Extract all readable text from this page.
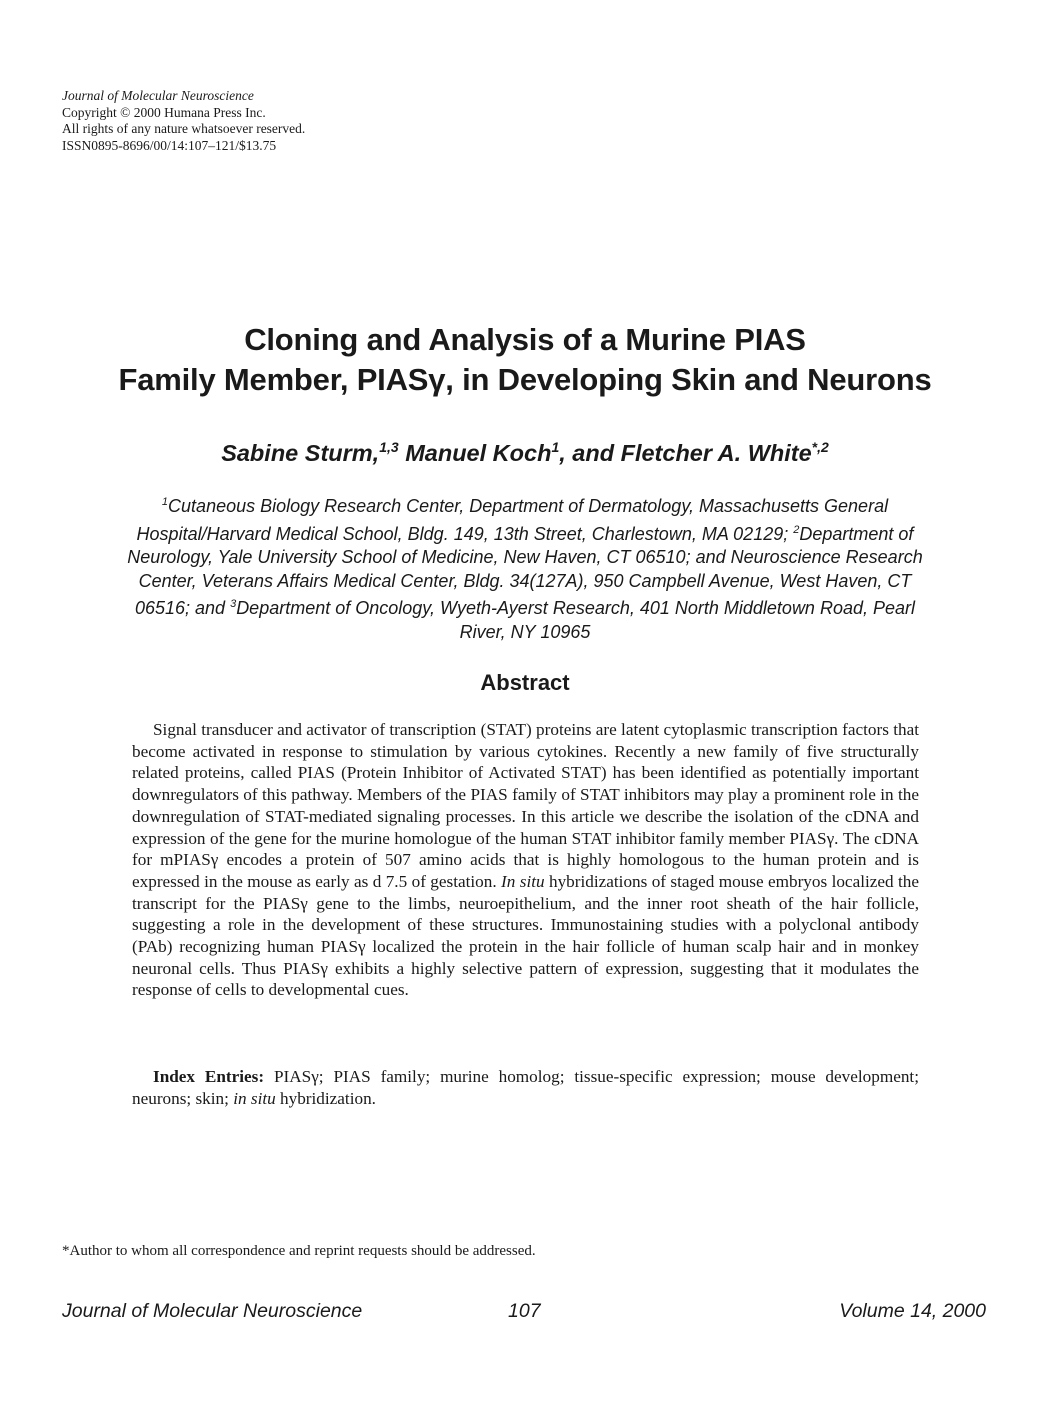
Journal of Molecular Neuroscience
Copyright © 2000 Humana Press Inc.
All rights of any nature whatsoever reserved.
ISSN0895-8696/00/14:107–121/$13.75
Cloning and Analysis of a Murine PIAS
Family Member, PIASγ, in Developing Skin and Neurons
Sabine Sturm,$^{1,3}$ Manuel Koch$^1$, and Fletcher A. White$^{*,2}$
$^1$Cutaneous Biology Research Center, Department of Dermatology, Massachusetts General Hospital/Harvard Medical School, Bldg. 149, 13th Street, Charlestown, MA 02129; $^2$Department of Neurology, Yale University School of Medicine, New Haven, CT 06510; and Neuroscience Research Center, Veterans Affairs Medical Center, Bldg. 34(127A), 950 Campbell Avenue, West Haven, CT 06516; and $^3$Department of Oncology, Wyeth-Ayerst Research, 401 North Middletown Road, Pearl River, NY 10965
Abstract
Signal transducer and activator of transcription (STAT) proteins are latent cytoplasmic transcription factors that become activated in response to stimulation by various cytokines. Recently a new family of five structurally related proteins, called PIAS (Protein Inhibitor of Activated STAT) has been identified as potentially important downregulators of this pathway. Members of the PIAS family of STAT inhibitors may play a prominent role in the downregulation of STAT-mediated signaling processes. In this article we describe the isolation of the cDNA and expression of the gene for the murine homologue of the human STAT inhibitor family member PIASγ. The cDNA for mPIASγ encodes a protein of 507 amino acids that is highly homologous to the human protein and is expressed in the mouse as early as d 7.5 of gestation. In situ hybridizations of staged mouse embryos localized the transcript for the PIASγ gene to the limbs, neuroepithelium, and the inner root sheath of the hair follicle, suggesting a role in the development of these structures. Immunostaining studies with a polyclonal antibody (PAb) recognizing human PIASγ localized the protein in the hair follicle of human scalp hair and in monkey neuronal cells. Thus PIASγ exhibits a highly selective pattern of expression, suggesting that it modulates the response of cells to developmental cues.
Index Entries: PIASγ; PIAS family; murine homolog; tissue-specific expression; mouse development; neurons; skin; in situ hybridization.
*Author to whom all correspondence and reprint requests should be addressed.
Journal of Molecular Neuroscience	107	Volume 14, 2000
